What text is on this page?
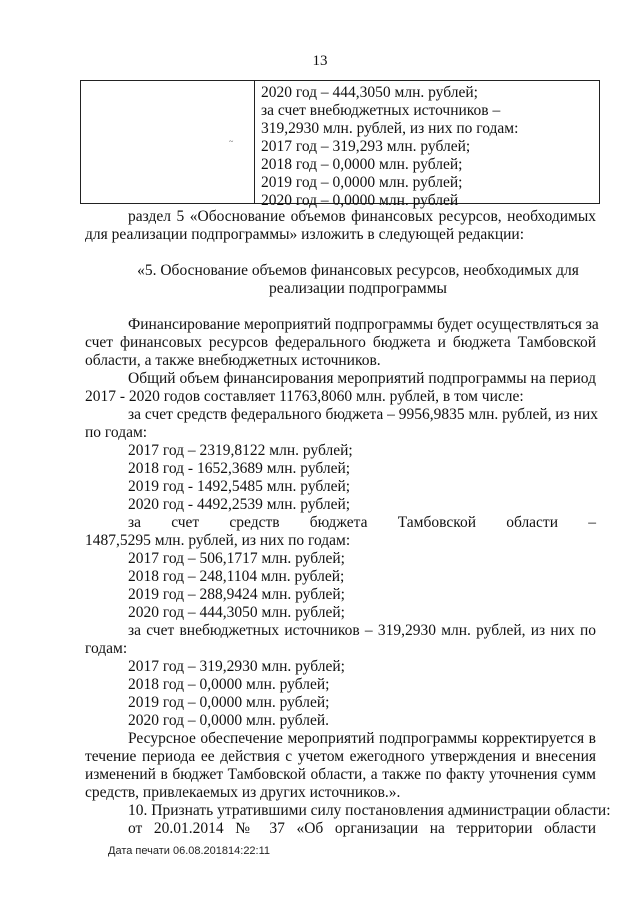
13
~
2020 год – 444,3050 млн. рублей;
за счет внебюджетных источников –
319,2930 млн. рублей, из них по годам:
2017 год – 319,293 млн. рублей;
2018 год – 0,0000 млн. рублей;
2019 год – 0,0000 млн. рублей;
2020 год – 0,0000 млн. рублей
раздел 5 «Обоснование объемов финансовых ресурсов, необходимых
для реализации подпрограммы» изложить в следующей редакции:
«5. Обоснование объемов финансовых ресурсов, необходимых для
реализации подпрограммы
Финансирование мероприятий подпрограммы будет осуществляться за
счет финансовых ресурсов федерального бюджета и бюджета Тамбовской
области, а также внебюджетных источников.
Общий объем финансирования мероприятий подпрограммы на период
2017 - 2020 годов составляет 11763,8060 млн. рублей, в том числе:
за счет средств федерального бюджета – 9956,9835 млн. рублей, из них
по годам:
2017 год – 2319,8122 млн. рублей;
2018 год - 1652,3689 млн. рублей;
2019 год - 1492,5485 млн. рублей;
2020 год - 4492,2539 млн. рублей;
за счет средств бюджета Тамбовской области –
1487,5295 млн. рублей, из них по годам:
2017 год – 506,1717 млн. рублей;
2018 год – 248,1104 млн. рублей;
2019 год – 288,9424 млн. рублей;
2020 год – 444,3050 млн. рублей;
за счет внебюджетных источников – 319,2930 млн. рублей, из них по
годам:
2017 год – 319,2930 млн. рублей;
2018 год – 0,0000 млн. рублей;
2019 год – 0,0000 млн. рублей;
2020 год – 0,0000 млн. рублей.
Ресурсное обеспечение мероприятий подпрограммы корректируется в
течение периода ее действия с учетом ежегодного утверждения и внесения
изменений в бюджет Тамбовской области, а также по факту уточнения сумм
средств, привлекаемых из других источников.».
10. Признать утратившими силу постановления администрации области:
от 20.01.2014 № 37 «Об организации на территории области
Дата печати 06.08.201814:22:11
